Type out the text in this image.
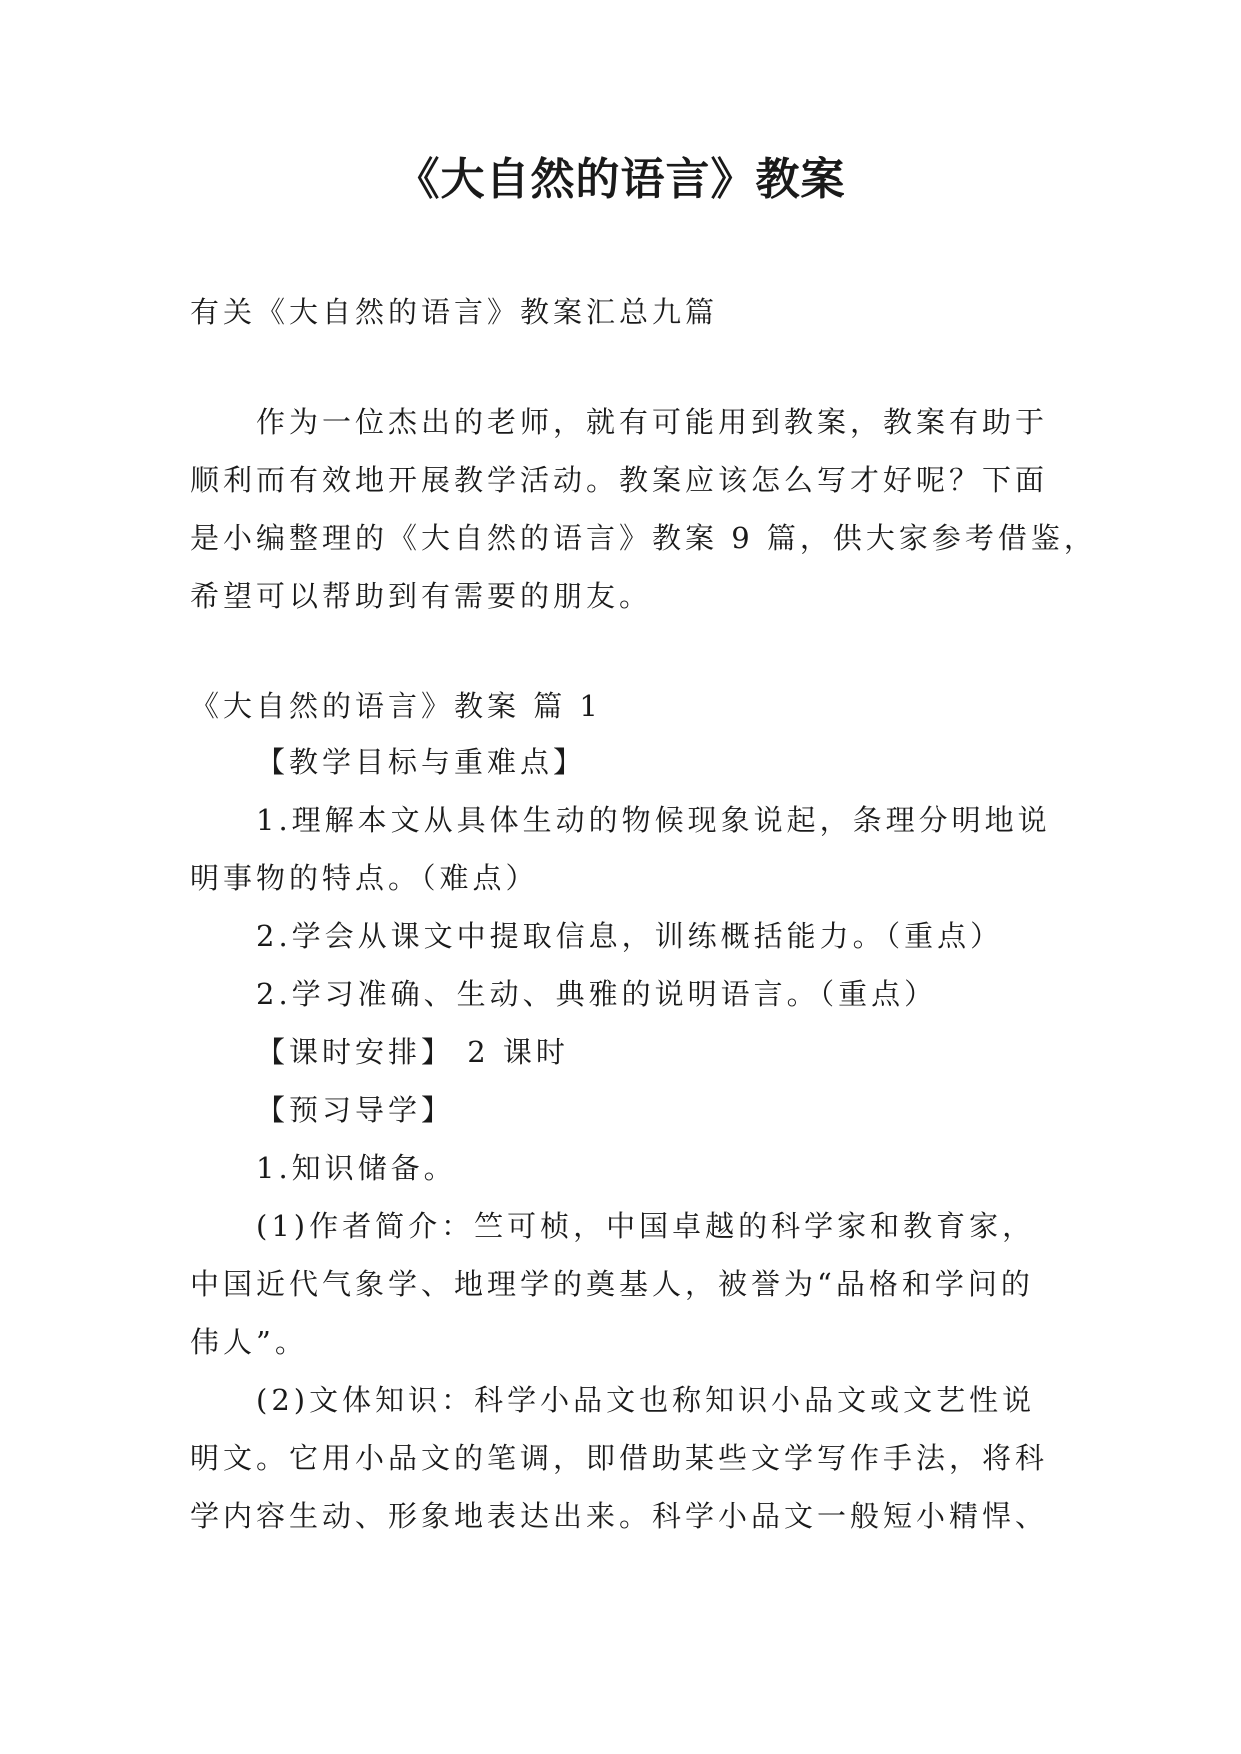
《大自然的语言》教案
有关《大自然的语言》教案汇总九篇
作为一位杰出的老师，就有可能用到教案，教案有助于
顺利而有效地开展教学活动。教案应该怎么写才好呢？下面
是小编整理的《大自然的语言》教案 9 篇，供大家参考借鉴，
希望可以帮助到有需要的朋友。
《大自然的语言》教案 篇 1
【教学目标与重难点】
1.理解本文从具体生动的物候现象说起，条理分明地说
明事物的特点。（难点）
2.学会从课文中提取信息，训练概括能力。（重点）
2.学习准确、生动、典雅的说明语言。（重点）
【课时安排】 2 课时
【预习导学】
1.知识储备。
(1)作者简介：竺可桢，中国卓越的科学家和教育家，
中国近代气象学、地理学的奠基人，被誉为“品格和学问的
伟人”。
(2)文体知识：科学小品文也称知识小品文或文艺性说
明文。它用小品文的笔调，即借助某些文学写作手法，将科
学内容生动、形象地表达出来。科学小品文一般短小精悍、
